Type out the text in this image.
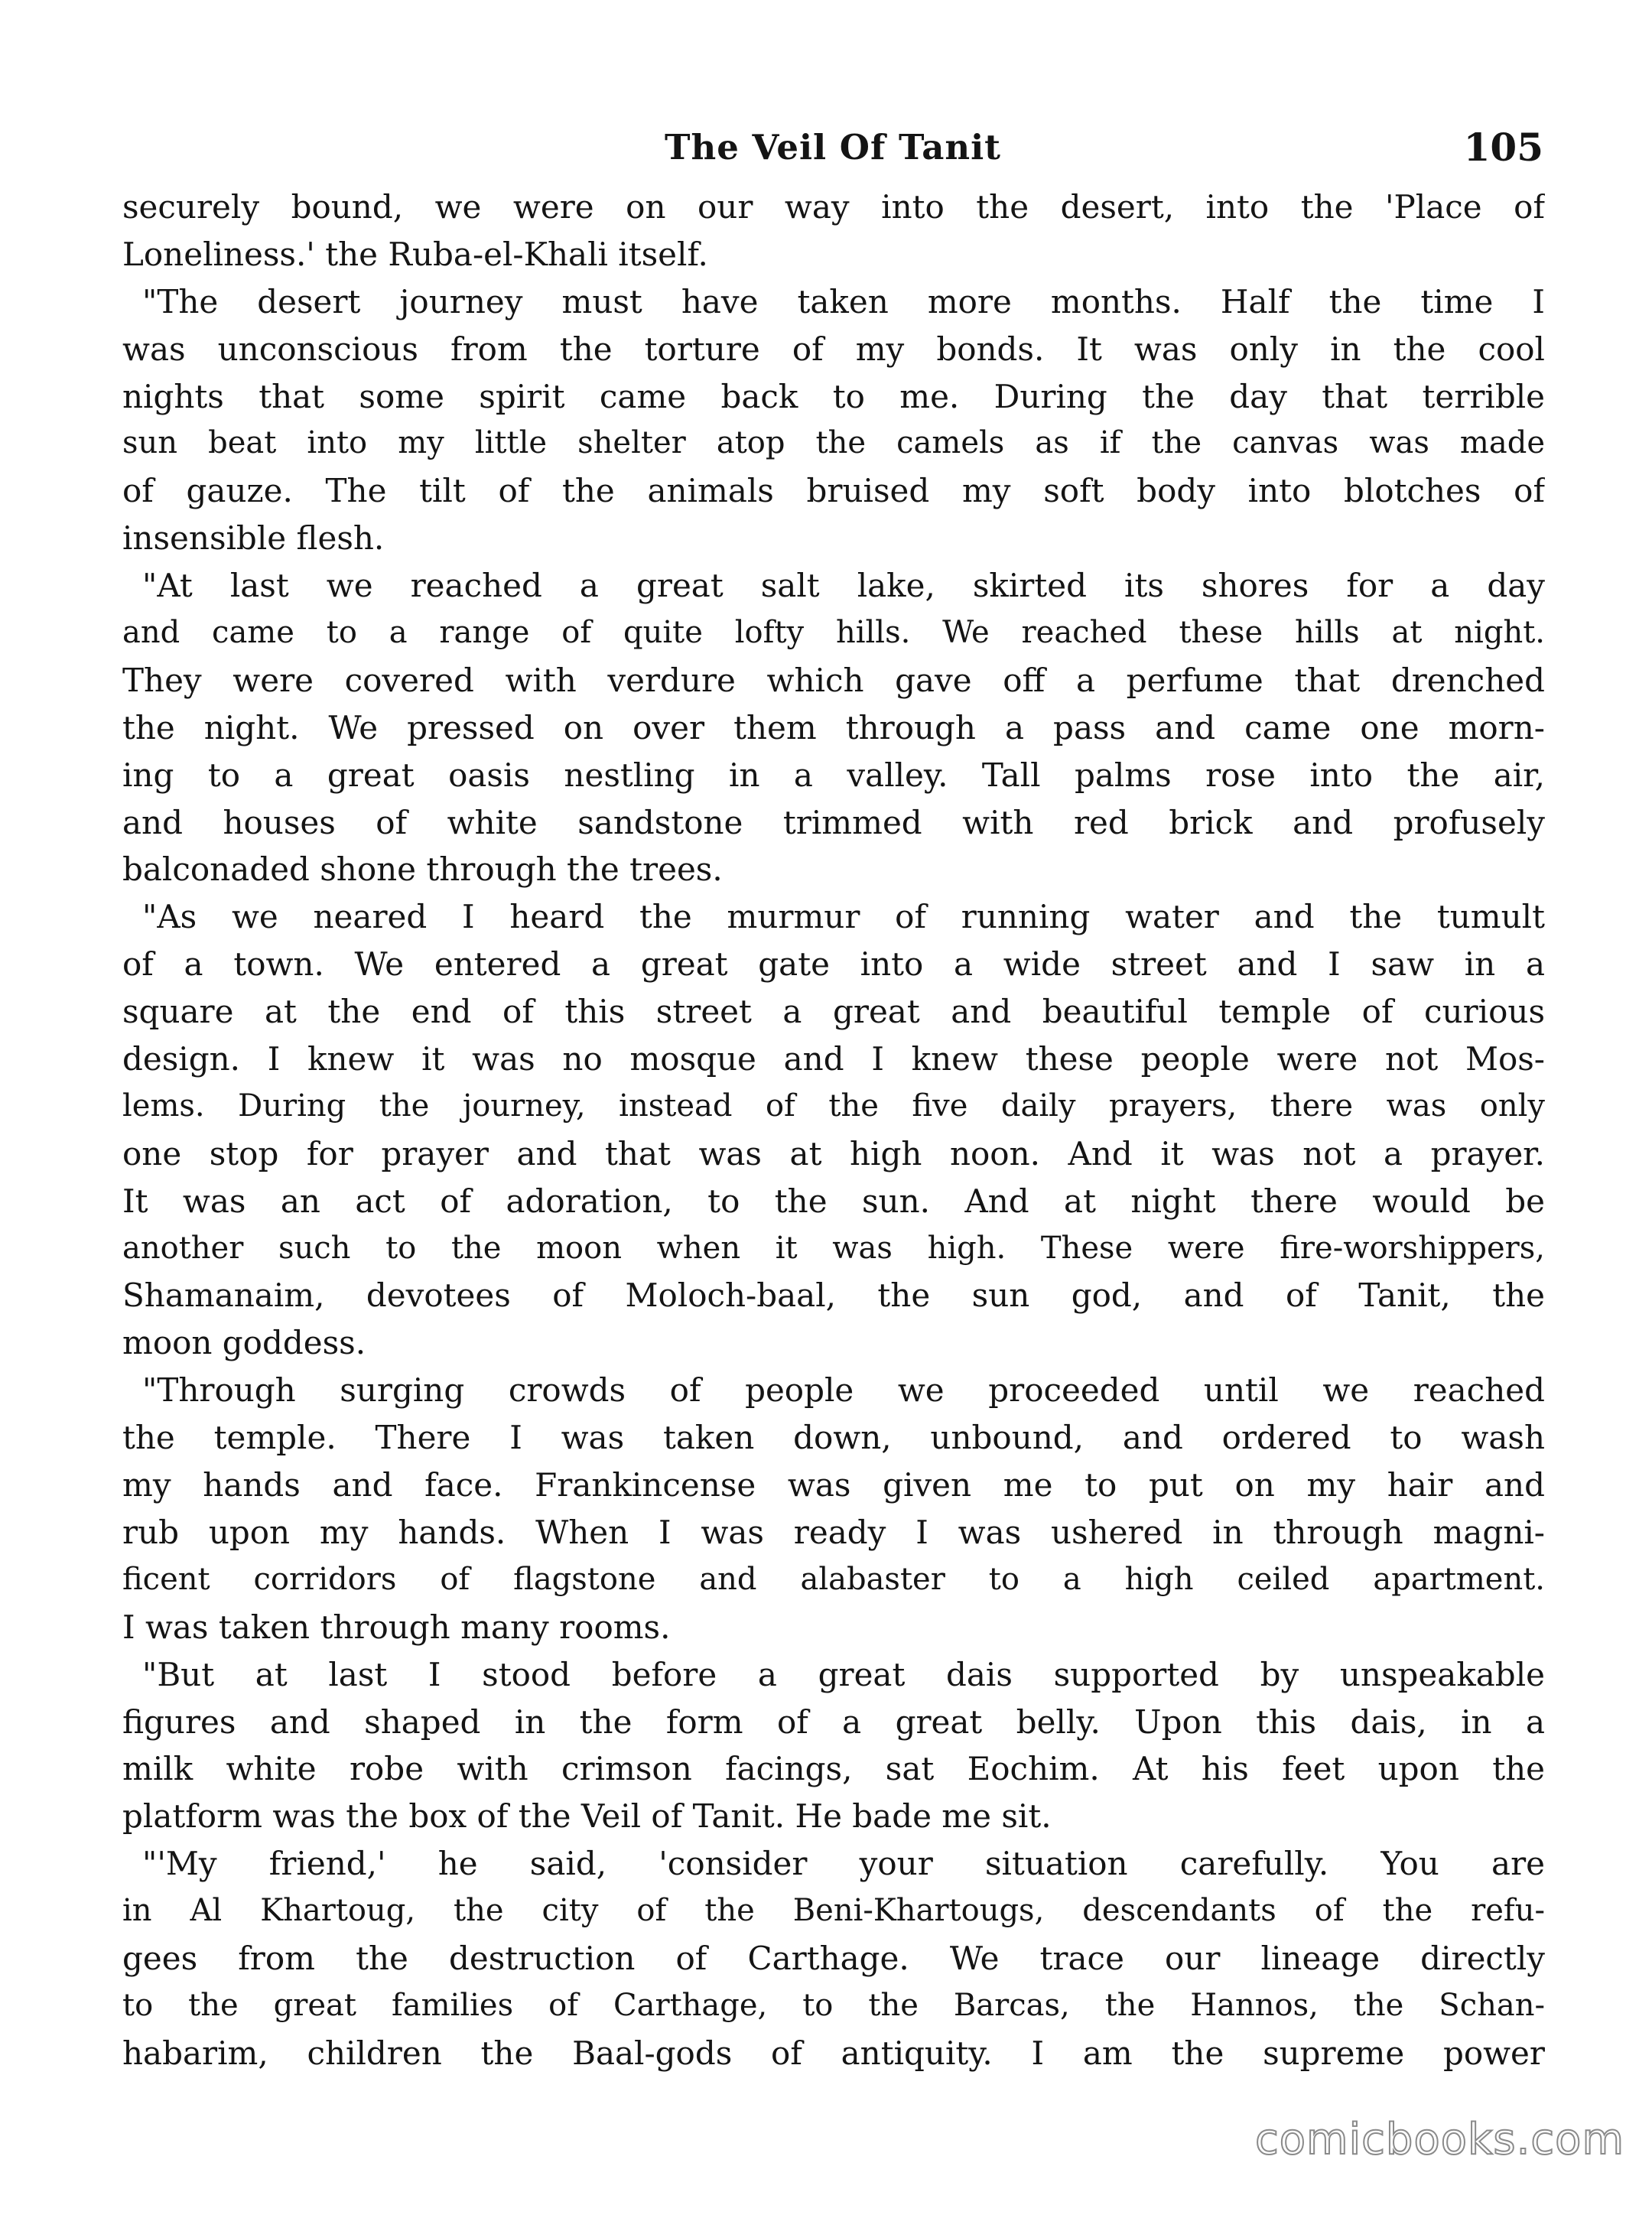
The Veil Of Tanit	105
securely bound, we were on our way into the desert, into the 'Place of
Loneliness.' the Ruba-el-Khali itself.
"The desert journey must have taken more months. Half the time I
was unconscious from the torture of my bonds. It was only in the cool
nights that some spirit came back to me. During the day that terrible
sun beat into my little shelter atop the camels as if the canvas was made
of gauze. The tilt of the animals bruised my soft body into blotches of
insensible flesh.
"At last we reached a great salt lake, skirted its shores for a day
and came to a range of quite lofty hills. We reached these hills at night.
They were covered with verdure which gave off a perfume that drenched
the night. We pressed on over them through a pass and came one morn-
ing to a great oasis nestling in a valley. Tall palms rose into the air,
and houses of white sandstone trimmed with red brick and profusely
balconaded shone through the trees.
"As we neared I heard the murmur of running water and the tumult
of a town. We entered a great gate into a wide street and I saw in a
square at the end of this street a great and beautiful temple of curious
design. I knew it was no mosque and I knew these people were not Mos-
lems. During the journey, instead of the five daily prayers, there was only
one stop for prayer and that was at high noon. And it was not a prayer.
It was an act of adoration, to the sun. And at night there would be
another such to the moon when it was high. These were fire-worshippers,
Shamanaim, devotees of Moloch-baal, the sun god, and of Tanit, the
moon goddess.
"Through surging crowds of people we proceeded until we reached
the temple. There I was taken down, unbound, and ordered to wash
my hands and face. Frankincense was given me to put on my hair and
rub upon my hands. When I was ready I was ushered in through magni-
ficent corridors of flagstone and alabaster to a high ceiled apartment.
I was taken through many rooms.
"But at last I stood before a great dais supported by unspeakable
figures and shaped in the form of a great belly. Upon this dais, in a
milk white robe with crimson facings, sat Eochim. At his feet upon the
platform was the box of the Veil of Tanit. He bade me sit.
"'My friend,' he said, 'consider your situation carefully. You are
in Al Khartoug, the city of the Beni-Khartougs, descendants of the refu-
gees from the destruction of Carthage. We trace our lineage directly
to the great families of Carthage, to the Barcas, the Hannos, the Schan-
habarim, children the Baal-gods of antiquity. I am the supreme power
comicbooks.com
